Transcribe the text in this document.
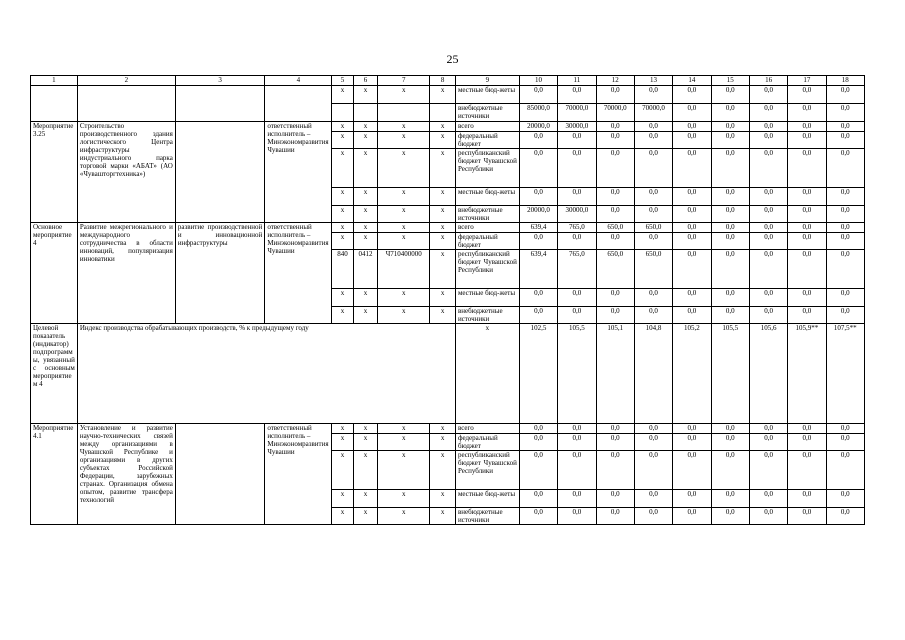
25
1	2	3	4	5	6	7	8	9	10	11	12	13	14	15	16	17	18
				х	х	х	х	местные бюд-жеты	0,0	0,0	0,0	0,0	0,0	0,0	0,0	0,0	0,0
								внебюджетные источники	85000,0	70000,0	70000,0	70000,0	0,0	0,0	0,0	0,0	0,0
Мероприятие 3.25	Строительство производственного здания логистического Центра инфраструктуры индустриального парка торговой марки «АБАТ» (АО «Чувашторгтехника»)		ответственный исполнитель – Минэкономразвития Чувашии	х	х	х	х	всего	20000,0	30000,0	0,0	0,0	0,0	0,0	0,0	0,0	0,0
				х	х	х	х	федеральный бюджет	0,0	0,0	0,0	0,0	0,0	0,0	0,0	0,0	0,0
				х	х	х	х	республиканский бюджет Чувашской Республики	0,0	0,0	0,0	0,0	0,0	0,0	0,0	0,0	0,0
				х	х	х	х	местные бюд-жеты	0,0	0,0	0,0	0,0	0,0	0,0	0,0	0,0	0,0
				х	х	х	х	внебюджетные источники	20000,0	30000,0	0,0	0,0	0,0	0,0	0,0	0,0	0,0
Основное мероприятие 4	Развитие межрегионального и международного сотрудничества в области инноваций, популяризация инноватики	развитие производственной и инновационной инфраструктуры	ответственный исполнитель – Минэкономразвития Чувашии	х	х	х	х	всего	639,4	765,0	650,0	650,0	0,0	0,0	0,0	0,0	0,0
				х	х	х	х	федеральный бюджет	0,0	0,0	0,0	0,0	0,0	0,0	0,0	0,0	0,0
				840	0412	Ч710400000	х	республиканский бюджет Чувашской Республики	639,4	765,0	650,0	650,0	0,0	0,0	0,0	0,0	0,0
				х	х	х	х	местные бюд-жеты	0,0	0,0	0,0	0,0	0,0	0,0	0,0	0,0	0,0
				х	х	х	х	внебюджетные источники	0,0	0,0	0,0	0,0	0,0	0,0	0,0	0,0	0,0
Целевой показатель (индикатор) подпрограммы, увязанный с основным мероприятием 4	Индекс производства обрабатывающих производств, % к предыдущему году							х	102,5	105,5	105,1	104,8	105,2	105,5	105,6	105,9**	107,5**
Мероприятие 4.1	Установление и развитие научно-технических связей между организациями в Чувашской Республике и организациями в других субъектах Российской Федерации, зарубежных странах. Организация обмена опытом, развитие трансфера технологий		ответственный исполнитель – Минэкономразвития Чувашии	х	х	х	х	всего	0,0	0,0	0,0	0,0	0,0	0,0	0,0	0,0	0,0
				х	х	х	х	федеральный бюджет	0,0	0,0	0,0	0,0	0,0	0,0	0,0	0,0	0,0
				х	х	х	х	республиканский бюджет Чувашской Республики	0,0	0,0	0,0	0,0	0,0	0,0	0,0	0,0	0,0
				х	х	х	х	местные бюд-жеты	0,0	0,0	0,0	0,0	0,0	0,0	0,0	0,0	0,0
				х	х	х	х	внебюджетные источники	0,0	0,0	0,0	0,0	0,0	0,0	0,0	0,0	0,0
